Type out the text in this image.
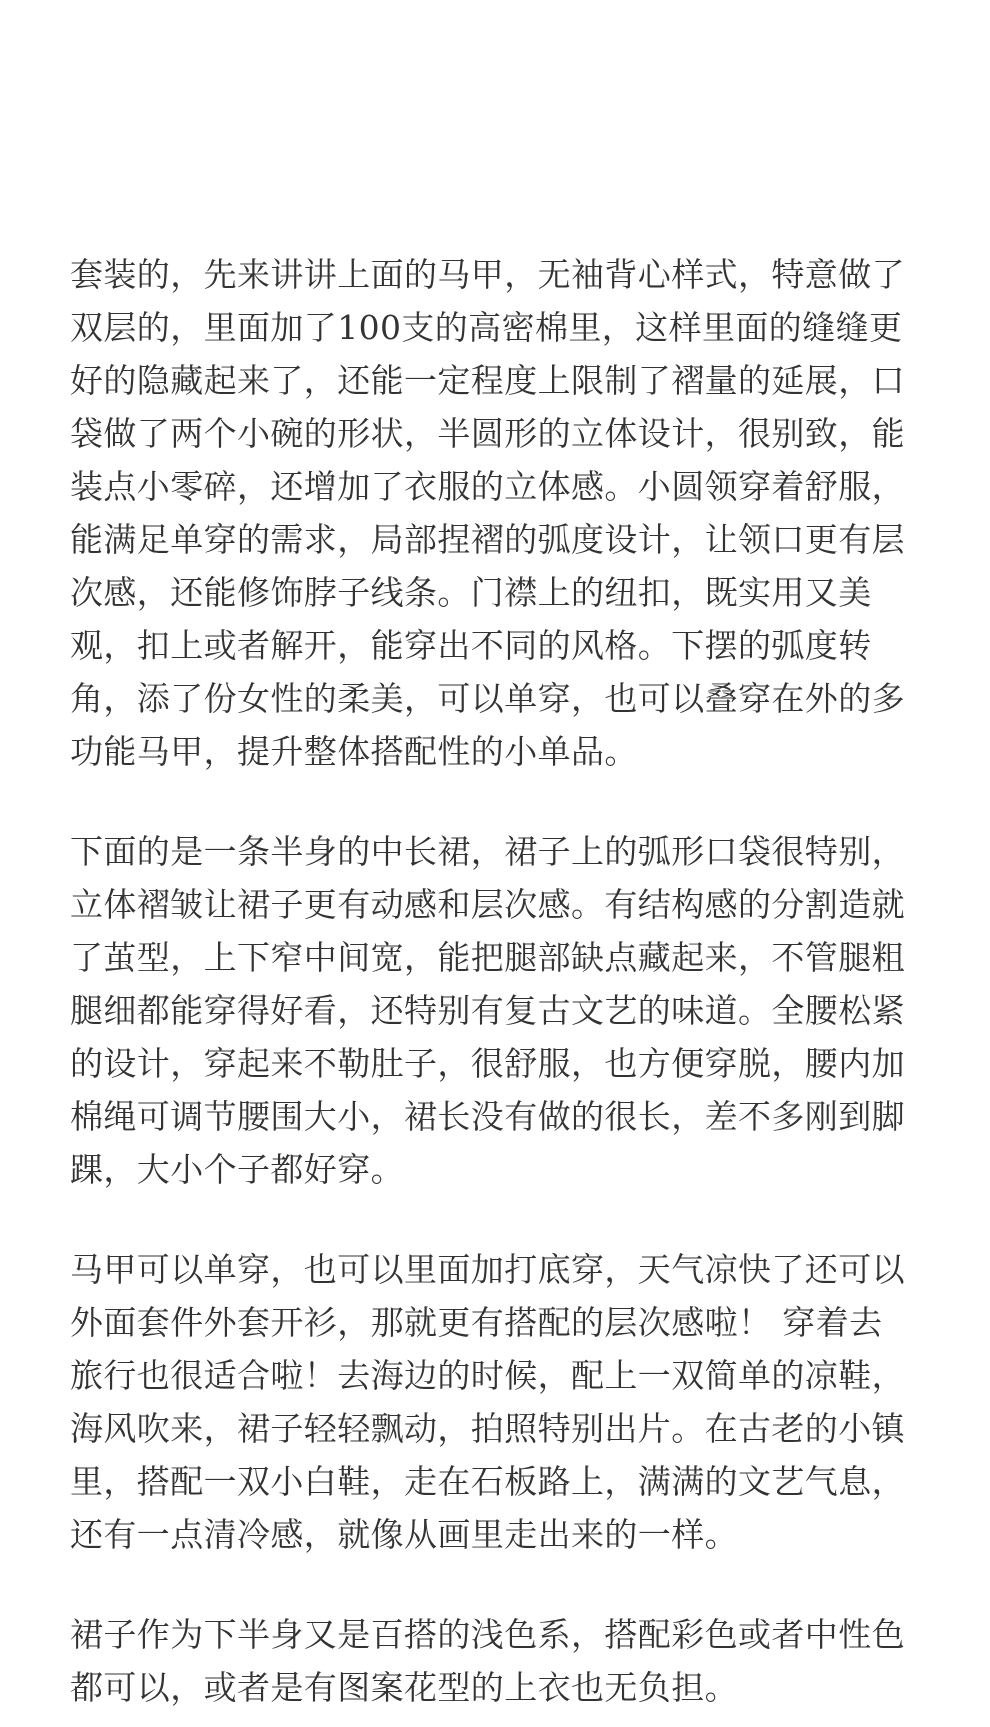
套装的，先来讲讲上面的马甲，无袖背心样式，特意做了
双层的，里面加了100支的高密棉里，这样里面的缝缝更
好的隐藏起来了，还能一定程度上限制了褶量的延展，口
袋做了两个小碗的形状，半圆形的立体设计，很别致，能
装点小零碎，还增加了衣服的立体感。小圆领穿着舒服，
能满足单穿的需求，局部捏褶的弧度设计，让领口更有层
次感，还能修饰脖子线条。门襟上的纽扣，既实用又美
观，扣上或者解开，能穿出不同的风格。下摆的弧度转
角，添了份女性的柔美，可以单穿，也可以叠穿在外的多
功能马甲，提升整体搭配性的小单品。

下面的是一条半身的中长裙，裙子上的弧形口袋很特别，
立体褶皱让裙子更有动感和层次感。有结构感的分割造就
了茧型，上下窄中间宽，能把腿部缺点藏起来，不管腿粗
腿细都能穿得好看，还特别有复古文艺的味道。全腰松紧
的设计，穿起来不勒肚子，很舒服，也方便穿脱，腰内加
棉绳可调节腰围大小，裙长没有做的很长，差不多刚到脚
踝，大小个子都好穿。

马甲可以单穿，也可以里面加打底穿，天气凉快了还可以
外面套件外套开衫，那就更有搭配的层次感啦！ 穿着去
旅行也很适合啦！去海边的时候，配上一双简单的凉鞋，
海风吹来，裙子轻轻飘动，拍照特别出片。在古老的小镇
里，搭配一双小白鞋，走在石板路上，满满的文艺气息，
还有一点清冷感，就像从画里走出来的一样。

裙子作为下半身又是百搭的浅色系，搭配彩色或者中性色
都可以，或者是有图案花型的上衣也无负担。
